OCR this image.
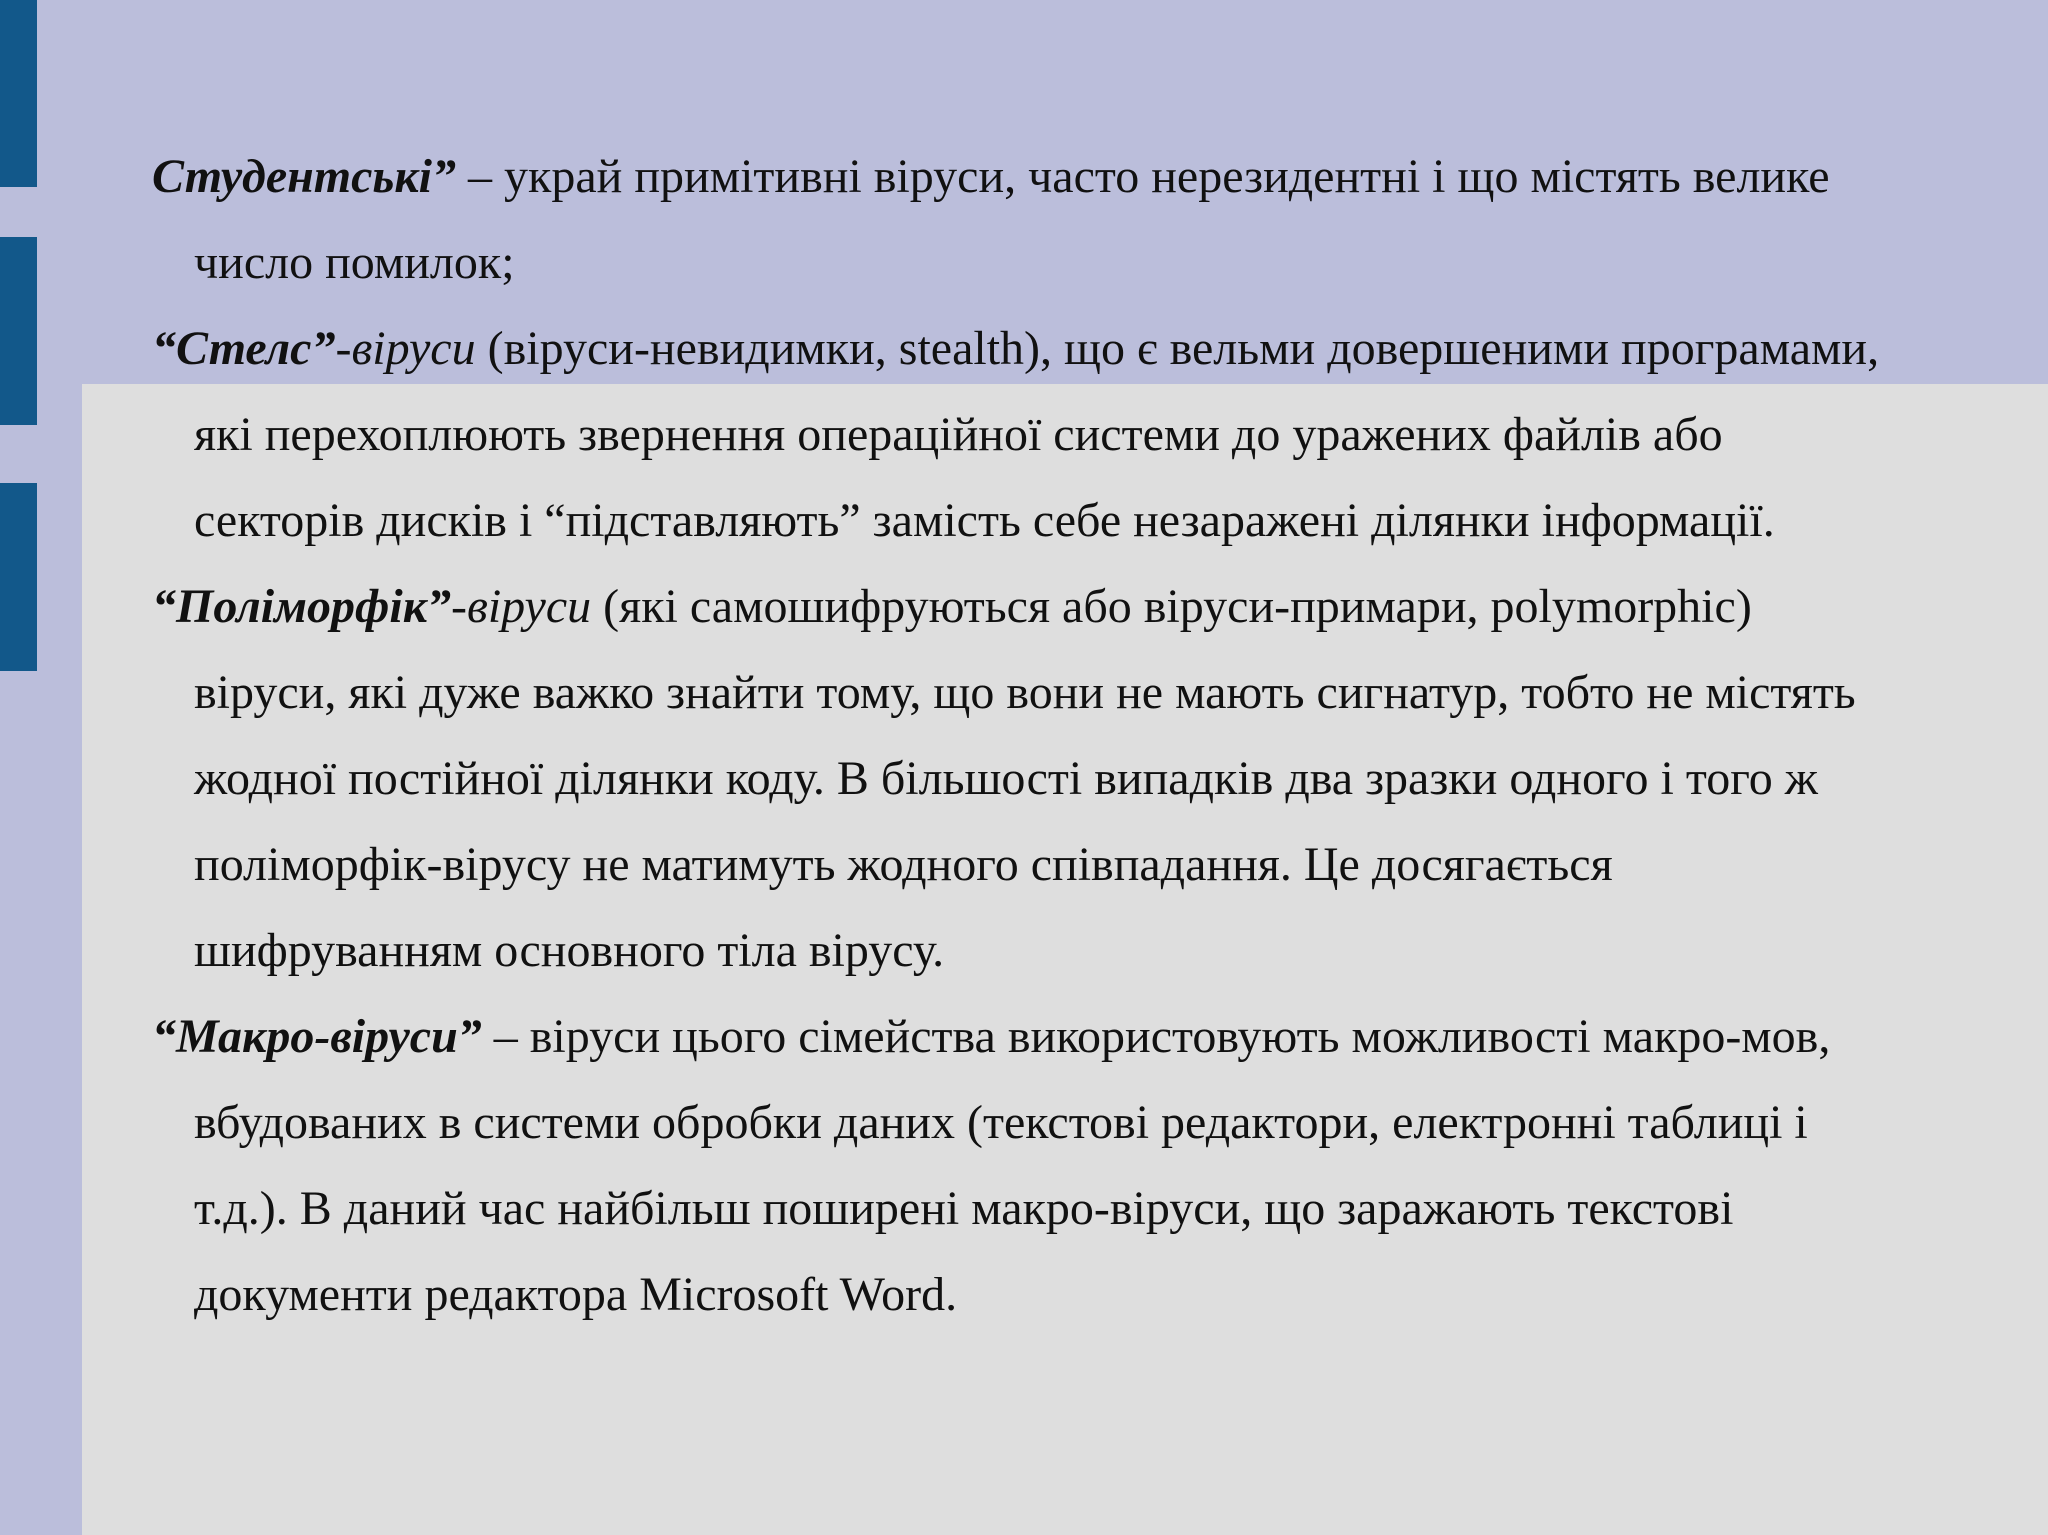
Студентські” – украй примітивні віруси, часто нерезидентні і що містять велике число помилок;

“Стелс”-віруси (віруси-невидимки, stealth), що є вельми довершеними програмами, які перехоплюють звернення операційної системи до уражених файлів або секторів дисків і “підставляють” замість себе незаражені ділянки інформації.

“Поліморфік”-віруси (які самошифруються або віруси-примари, polymorphic) віруси, які дуже важко знайти тому, що вони не мають сигнатур, тобто не містять жодної постійної ділянки коду. В більшості випадків два зразки одного і того ж поліморфік-вірусу не матимуть жодного співпадання. Це досягається шифруванням основного тіла вірусу.

“Макро-віруси” – віруси цього сімейства використовують можливості макро-мов, вбудованих в системи обробки даних (текстові редактори, електронні таблиці і т.д.). В даний час найбільш поширені макро-віруси, що заражають текстові документи редактора Microsoft Word.
